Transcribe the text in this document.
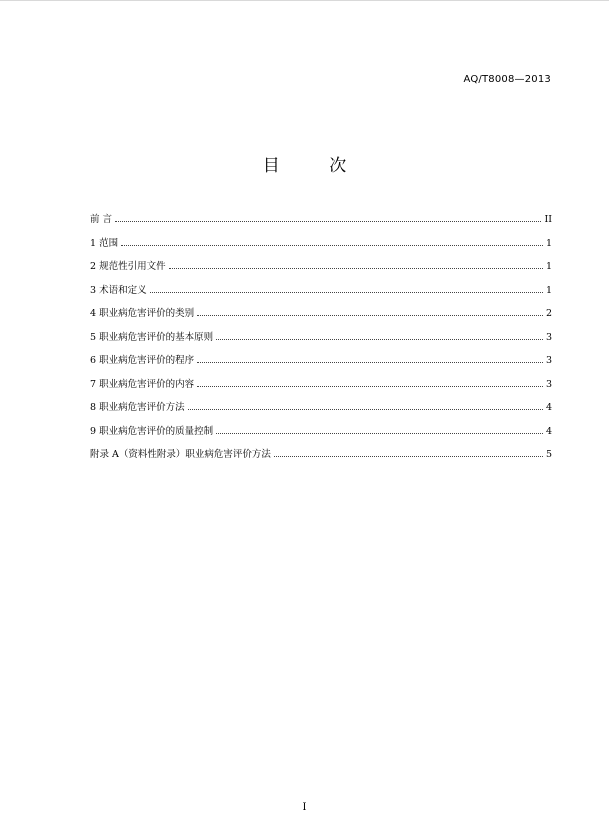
AQ/T8008—2013
目 次
前 言	II
1 范围	1
2 规范性引用文件	1
3 术语和定义	1
4 职业病危害评价的类别	2
5 职业病危害评价的基本原则	3
6 职业病危害评价的程序	3
7 职业病危害评价的内容	3
8 职业病危害评价方法	4
9 职业病危害评价的质量控制	4
附录 A（资料性附录）职业病危害评价方法	5
I
